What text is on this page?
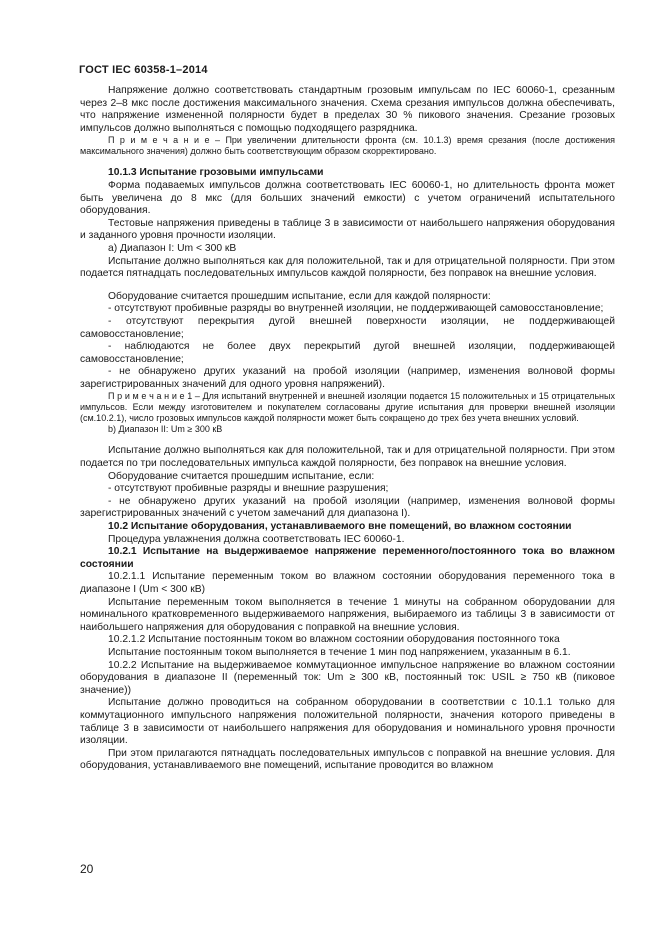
ГОСТ IEC 60358-1–2014

Напряжение должно соответствовать стандартным грозовым импульсам по IEC 60060-1, срезанным через 2–8 мкс после достижения максимального значения. Схема срезания импульсов должна обеспечивать, что напряжение измененной полярности будет в пределах 30 % пикового значения. Срезание грозовых импульсов должно выполняться с помощью подходящего разрядника.

П р и м е ч а н и е – При увеличении длительности фронта (см. 10.1.3) время срезания (после достижения максимального значения) должно быть соответствующим образом скорректировано.

10.1.3 Испытание грозовыми импульсами

Форма подаваемых импульсов должна соответствовать IEC 60060-1, но длительность фронта может быть увеличена до 8 мкс (для больших значений емкости) с учетом ограничений испытательного оборудования.

Тестовые напряжения приведены в таблице 3 в зависимости от наибольшего напряжения оборудования и заданного уровня прочности изоляции.

a) Диапазон I: Um < 300 кВ

Испытание должно выполняться как для положительной, так и для отрицательной полярности. При этом подается пятнадцать последовательных импульсов каждой полярности, без поправок на внешние условия.

Оборудование считается прошедшим испытание, если для каждой полярности:

- отсутствуют пробивные разряды во внутренней изоляции, не поддерживающей самовосстановление;

- отсутствуют перекрытия дугой внешней поверхности изоляции, не поддерживающей самовосстановление;

- наблюдаются не более двух перекрытий дугой внешней изоляции, поддерживающей самовосстановление;

- не обнаружено других указаний на пробой изоляции (например, изменения волновой формы зарегистрированных значений для одного уровня напряжений).

П р и м е ч а н и е 1 – Для испытаний внутренней и внешней изоляции подается 15 положительных и 15 отрицательных импульсов. Если между изготовителем и покупателем согласованы другие испытания для проверки внешней изоляции (см.10.2.1), число грозовых импульсов каждой полярности может быть сокращено до трех без учета внешних условий.

b) Диапазон II: Um ≥ 300 кВ

Испытание должно выполняться как для положительной, так и для отрицательной полярности. При этом подается по три последовательных импульса каждой полярности, без поправок на внешние условия.

Оборудование считается прошедшим испытание, если:

- отсутствуют пробивные разряды и внешние разрушения;

- не обнаружено других указаний на пробой изоляции (например, изменения волновой формы зарегистрированных значений с учетом замечаний для диапазона I).

10.2 Испытание оборудования, устанавливаемого вне помещений, во влажном состоянии

Процедура увлажнения должна соответствовать IEC 60060-1.

10.2.1 Испытание на выдерживаемое напряжение переменного/постоянного тока во влажном состоянии

10.2.1.1 Испытание переменным током во влажном состоянии оборудования переменного тока в диапазоне I (Um < 300 кВ)

Испытание переменным током выполняется в течение 1 минуты на собранном оборудовании для номинального кратковременного выдерживаемого напряжения, выбираемого из таблицы 3 в зависимости от наибольшего напряжения для оборудования с поправкой на внешние условия.

10.2.1.2 Испытание постоянным током во влажном состоянии оборудования постоянного тока

Испытание постоянным током выполняется в течение 1 мин под напряжением, указанным в 6.1.

10.2.2 Испытание на выдерживаемое коммутационное импульсное напряжение во влажном состоянии оборудования в диапазоне II (переменный ток: Um ≥ 300 кВ, постоянный ток: USIL ≥ 750 кВ (пиковое значение))

Испытание должно проводиться на собранном оборудовании в соответствии с 10.1.1 только для коммутационного импульсного напряжения положительной полярности, значения которого приведены в таблице 3 в зависимости от наибольшего напряжения для оборудования и номинального уровня прочности изоляции.

При этом прилагаются пятнадцать последовательных импульсов с поправкой на внешние условия. Для оборудования, устанавливаемого вне помещений, испытание проводится во влажном

20
